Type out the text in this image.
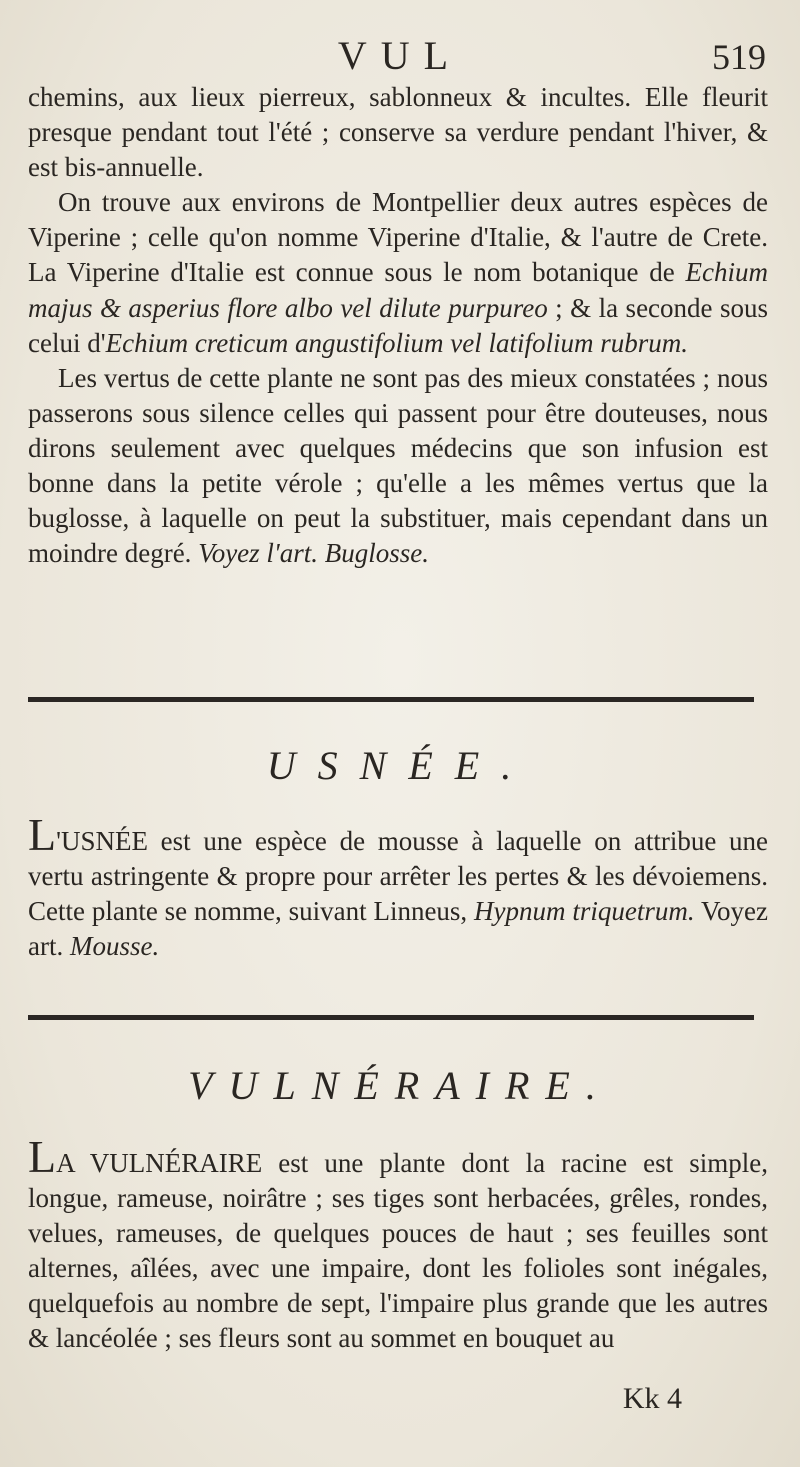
VUL	519

chemins, aux lieux pierreux, sablonneux & incultes. Elle fleurit presque pendant tout l'été ; conserve sa verdure pendant l'hiver, & est bis-annuelle.

On trouve aux environs de Montpellier deux autres espèces de Viperine ; celle qu'on nomme Viperine d'Italie, & l'autre de Crete. La Viperine d'Italie est connue sous le nom botanique de Echium majus & asperius flore albo vel dilute purpureo ; & la seconde sous celui d'Echium creticum angustifolium vel latifolium rubrum.

Les vertus de cette plante ne sont pas des mieux constatées ; nous passerons sous silence celles qui passent pour être douteuses, nous dirons seulement avec quelques médecins que son infusion est bonne dans la petite vérole ; qu'elle a les mêmes vertus que la buglosse, à laquelle on peut la substituer, mais cependant dans un moindre degré. Voyez l'art. Buglosse.

USNÉE.

L'USNÉE est une espèce de mousse à laquelle on attribue une vertu astringente & propre pour arrêter les pertes & les dévoiemens. Cette plante se nomme, suivant Linneus, Hypnum triquetrum. Voyez art. Mousse.

VULNÉRAIRE.

LA VULNÉRAIRE est une plante dont la racine est simple, longue, rameuse, noirâtre ; ses tiges sont herbacées, grêles, rondes, velues, rameuses, de quelques pouces de haut ; ses feuilles sont alternes, aîlées, avec une impaire, dont les folioles sont inégales, quelquefois au nombre de sept, l'impaire plus grande que les autres & lancéolée ; ses fleurs sont au sommet en bouquet au

Kk 4
